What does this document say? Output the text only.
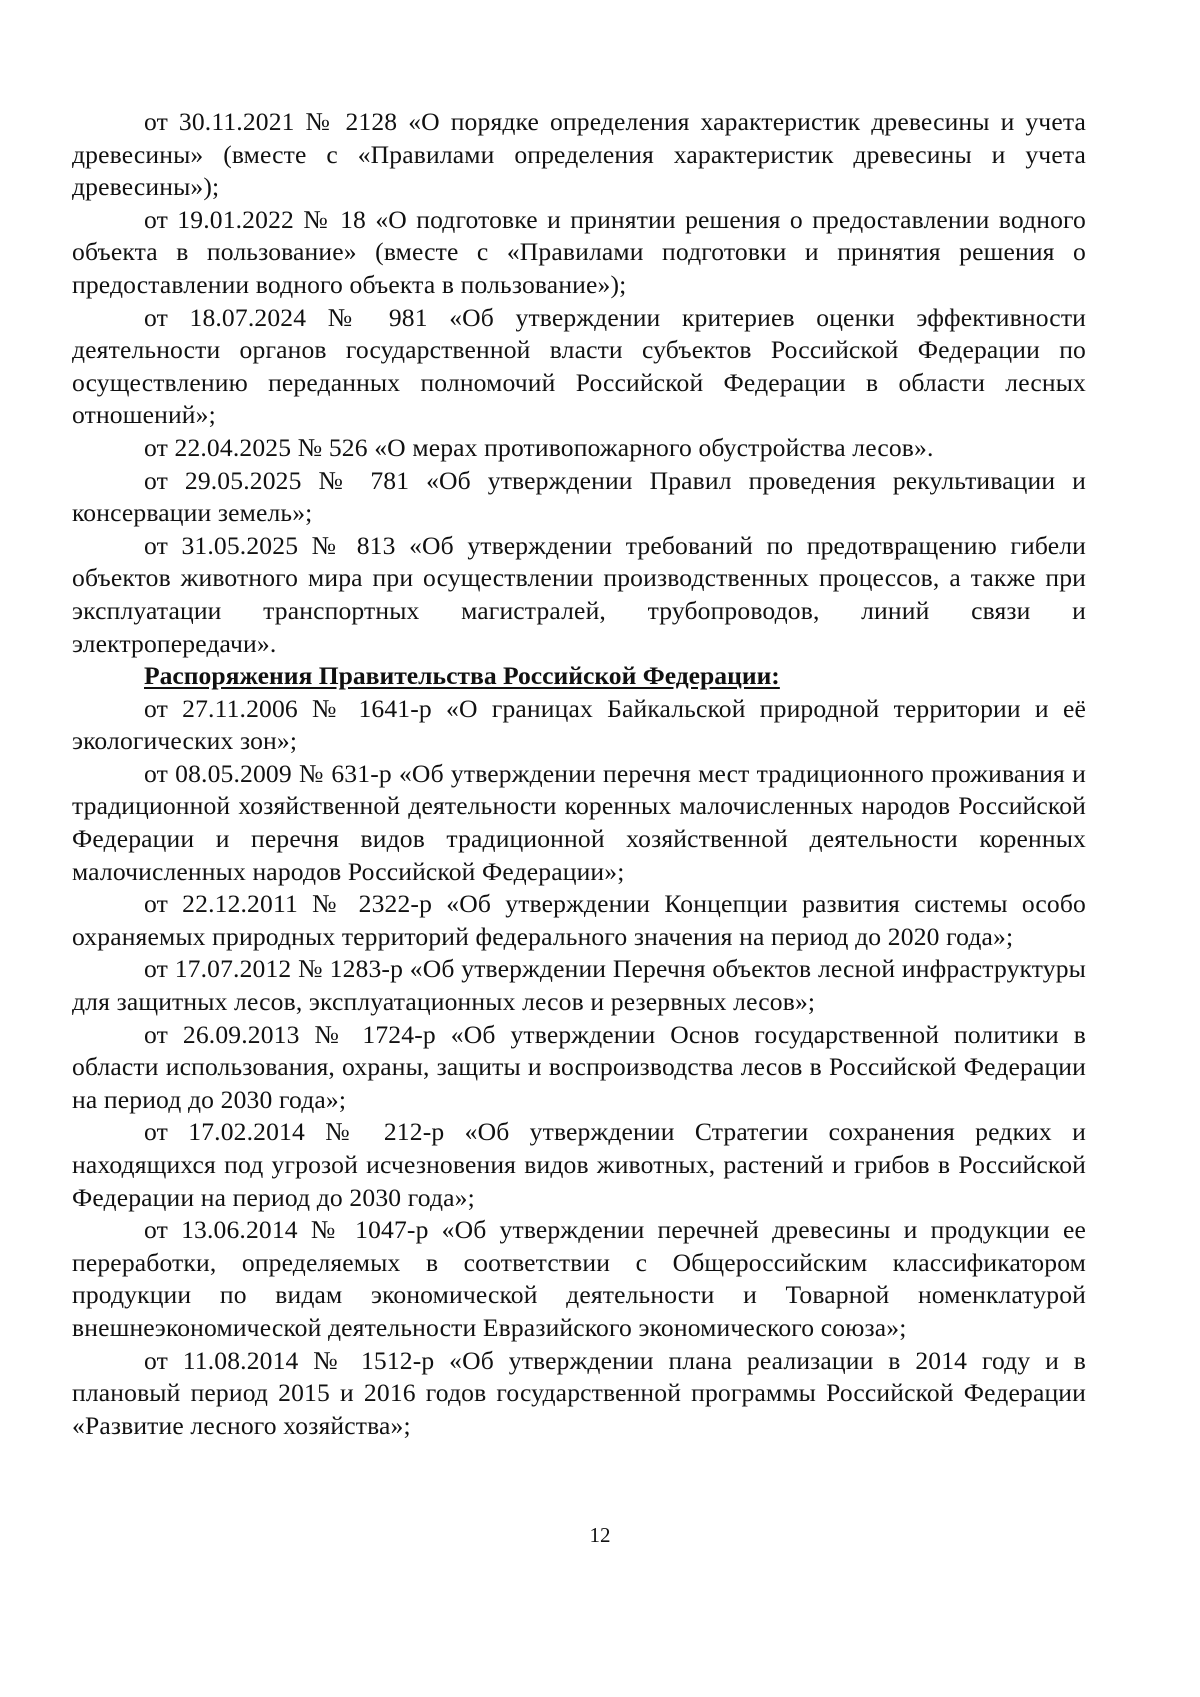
от 30.11.2021 № 2128 «О порядке определения характеристик древесины и учета древесины» (вместе с «Правилами определения характеристик древесины и учета древесины»);

от 19.01.2022 № 18 «О подготовке и принятии решения о предоставлении водного объекта в пользование» (вместе с «Правилами подготовки и принятия решения о предоставлении водного объекта в пользование»);

от 18.07.2024 № 981 «Об утверждении критериев оценки эффективности деятельности органов государственной власти субъектов Российской Федерации по осуществлению переданных полномочий Российской Федерации в области лесных отношений»;

от 22.04.2025 № 526 «О мерах противопожарного обустройства лесов».

от 29.05.2025 № 781 «Об утверждении Правил проведения рекультивации и консервации земель»;

от 31.05.2025 № 813 «Об утверждении требований по предотвращению гибели объектов животного мира при осуществлении производственных процессов, а также при эксплуатации транспортных магистралей, трубопроводов, линий связи и электропередачи».

Распоряжения Правительства Российской Федерации:

от 27.11.2006 № 1641-р «О границах Байкальской природной территории и её экологических зон»;

от 08.05.2009 № 631-р «Об утверждении перечня мест традиционного проживания и традиционной хозяйственной деятельности коренных малочисленных народов Российской Федерации и перечня видов традиционной хозяйственной деятельности коренных малочисленных народов Российской Федерации»;

от 22.12.2011 № 2322-р «Об утверждении Концепции развития системы особо охраняемых природных территорий федерального значения на период до 2020 года»;

от 17.07.2012 № 1283-р «Об утверждении Перечня объектов лесной инфраструктуры для защитных лесов, эксплуатационных лесов и резервных лесов»;

от 26.09.2013 № 1724-р «Об утверждении Основ государственной политики в области использования, охраны, защиты и воспроизводства лесов в Российской Федерации на период до 2030 года»;

от 17.02.2014 № 212-р «Об утверждении Стратегии сохранения редких и находящихся под угрозой исчезновения видов животных, растений и грибов в Российской Федерации на период до 2030 года»;

от 13.06.2014 № 1047-р «Об утверждении перечней древесины и продукции ее переработки, определяемых в соответствии с Общероссийским классификатором продукции по видам экономической деятельности и Товарной номенклатурой внешнеэкономической деятельности Евразийского экономического союза»;

от 11.08.2014 № 1512-р «Об утверждении плана реализации в 2014 году и в плановый период 2015 и 2016 годов государственной программы Российской Федерации «Развитие лесного хозяйства»;

12
